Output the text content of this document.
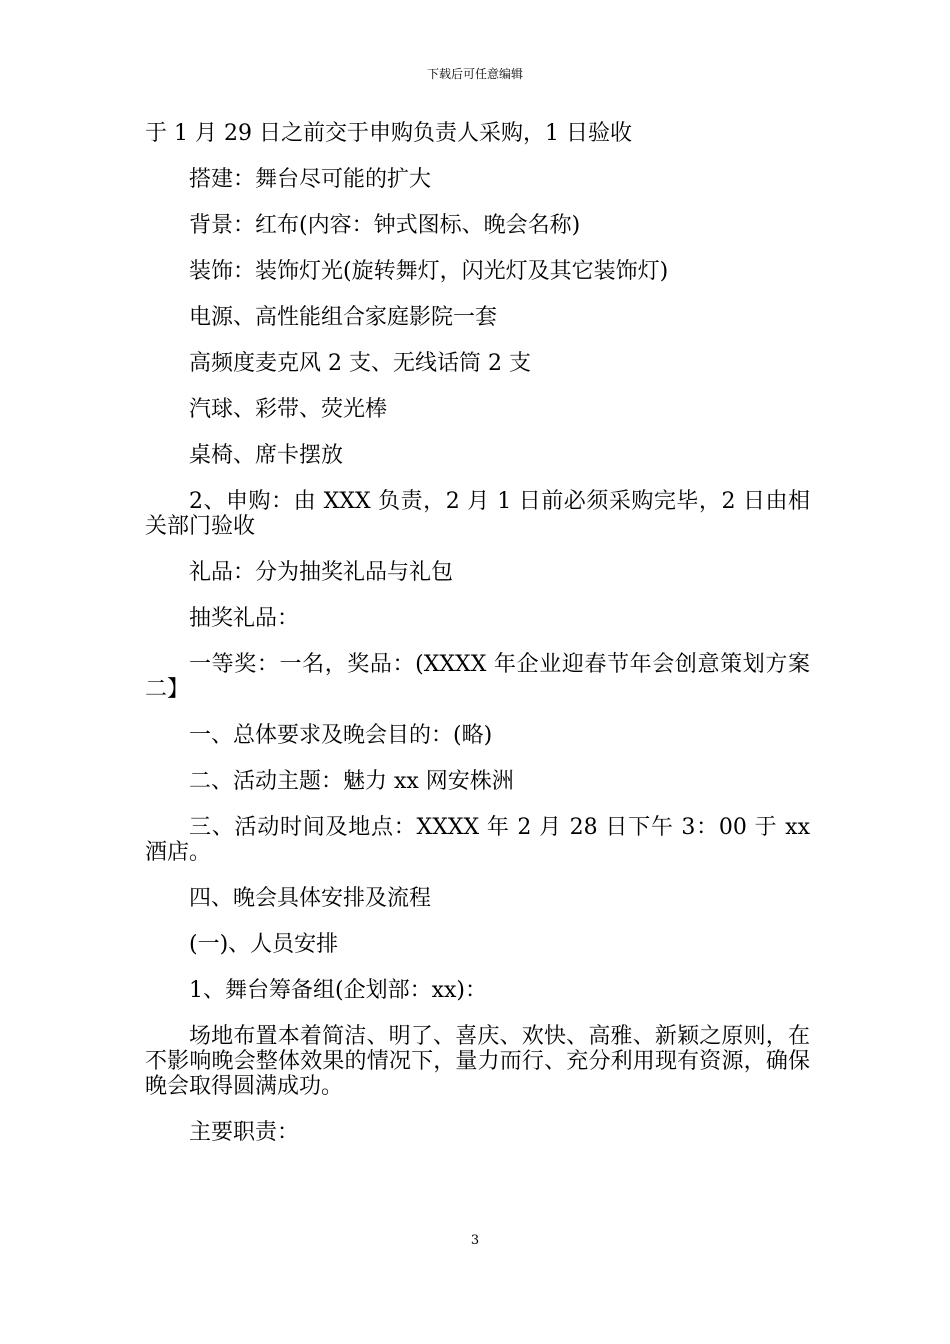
下载后可任意编辑

于 1 月 29 日之前交于申购负责人采购，1 日验收

搭建：舞台尽可能的扩大

背景：红布(内容：钟式图标、晚会名称)

装饰：装饰灯光(旋转舞灯，闪光灯及其它装饰灯)

电源、高性能组合家庭影院一套

高频度麦克风 2 支、无线话筒 2 支

汽球、彩带、荧光棒

桌椅、席卡摆放

2、申购：由 XXX 负责，2 月 1 日前必须采购完毕，2 日由相关部门验收

礼品：分为抽奖礼品与礼包

抽奖礼品：

一等奖：一名，奖品：(XXXX 年企业迎春节年会创意策划方案二】

一、总体要求及晚会目的：(略)

二、活动主题：魅力 xx 网安株洲

三、活动时间及地点：XXXX 年 2 月 28 日下午 3：00 于 xx 酒店。

四、晚会具体安排及流程

(一)、人员安排

1、舞台筹备组(企划部：xx)：

场地布置本着简洁、明了、喜庆、欢快、高雅、新颖之原则，在不影响晚会整体效果的情况下，量力而行、充分利用现有资源，确保晚会取得圆满成功。

主要职责：

3
